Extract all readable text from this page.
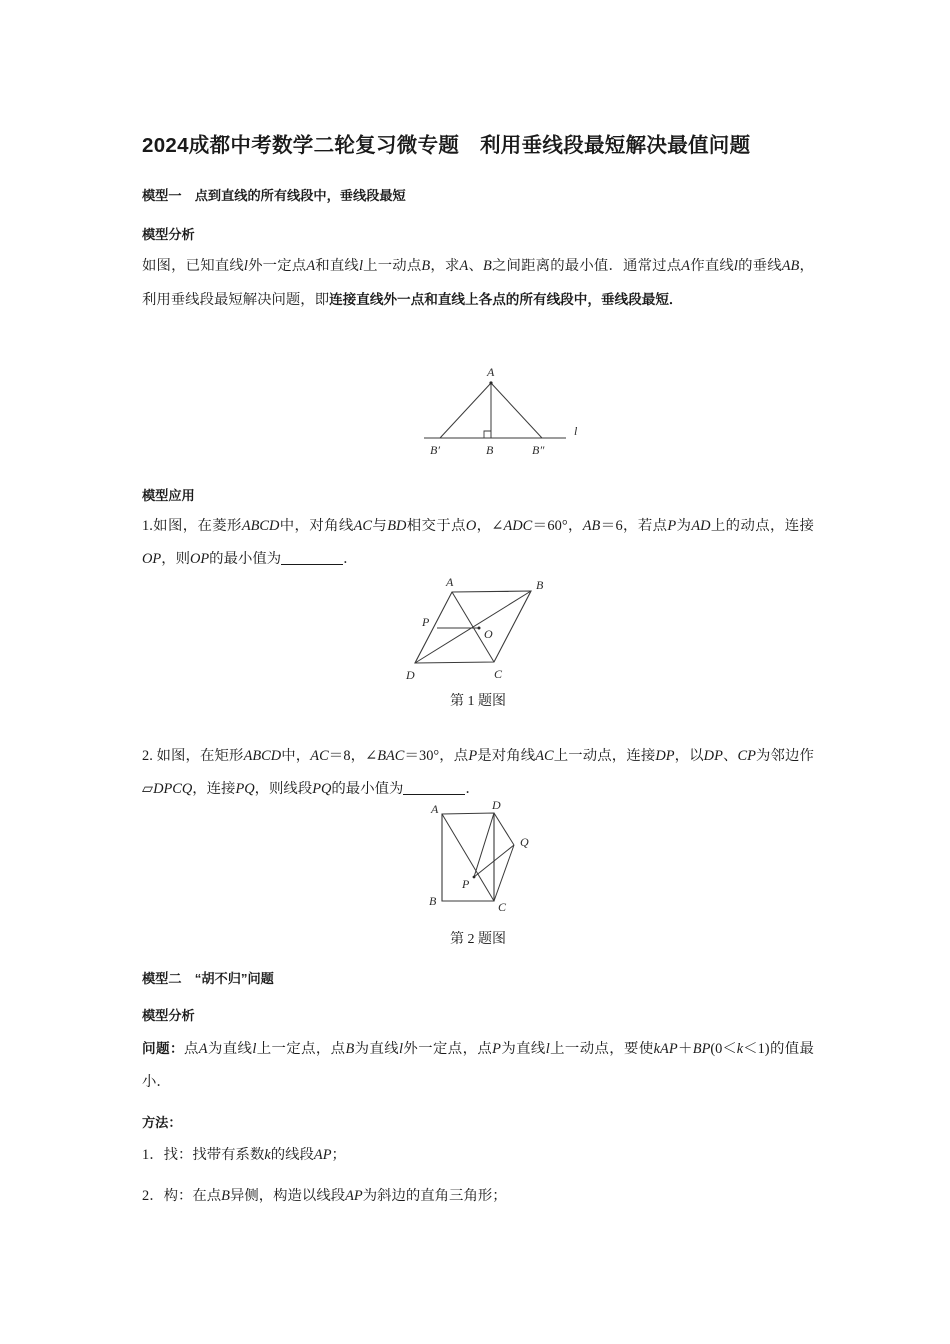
2024成都中考数学二轮复习微专题　利用垂线段最短解决最值问题
模型一　点到直线的所有线段中，垂线段最短
模型分析
如图，已知直线l外一定点A和直线l上一动点B，求A、B之间距离的最小值．通常过点A作直线l的垂线AB，利用垂线段最短解决问题，即连接直线外一点和直线上各点的所有线段中，垂线段最短．
A
B′	B	B″
l
模型应用
1.如图，在菱形ABCD中，对角线AC与BD相交于点O，∠ADC＝60°，AB＝6，若点P为AD上的动点，连接OP，则OP的最小值为	．
A	B
C
D
O
P
第 1 题图
2. 如图，在矩形ABCD中，AC＝8，∠BAC＝30°，点P是对角线AC上一动点，连接DP，以DP、CP为邻边作▱DPCQ，连接PQ，则线段PQ的最小值为	．
A	D
B	C
P
Q
第 2 题图
模型二　“胡不归”问题
模型分析
问题：点A为直线l上一定点，点B为直线l外一定点，点P为直线l上一动点，要使kAP＋BP(0＜k＜1)的值最小．
方法：
1．找：找带有系数k的线段AP；
2．构：在点B异侧，构造以线段AP为斜边的直角三角形；
